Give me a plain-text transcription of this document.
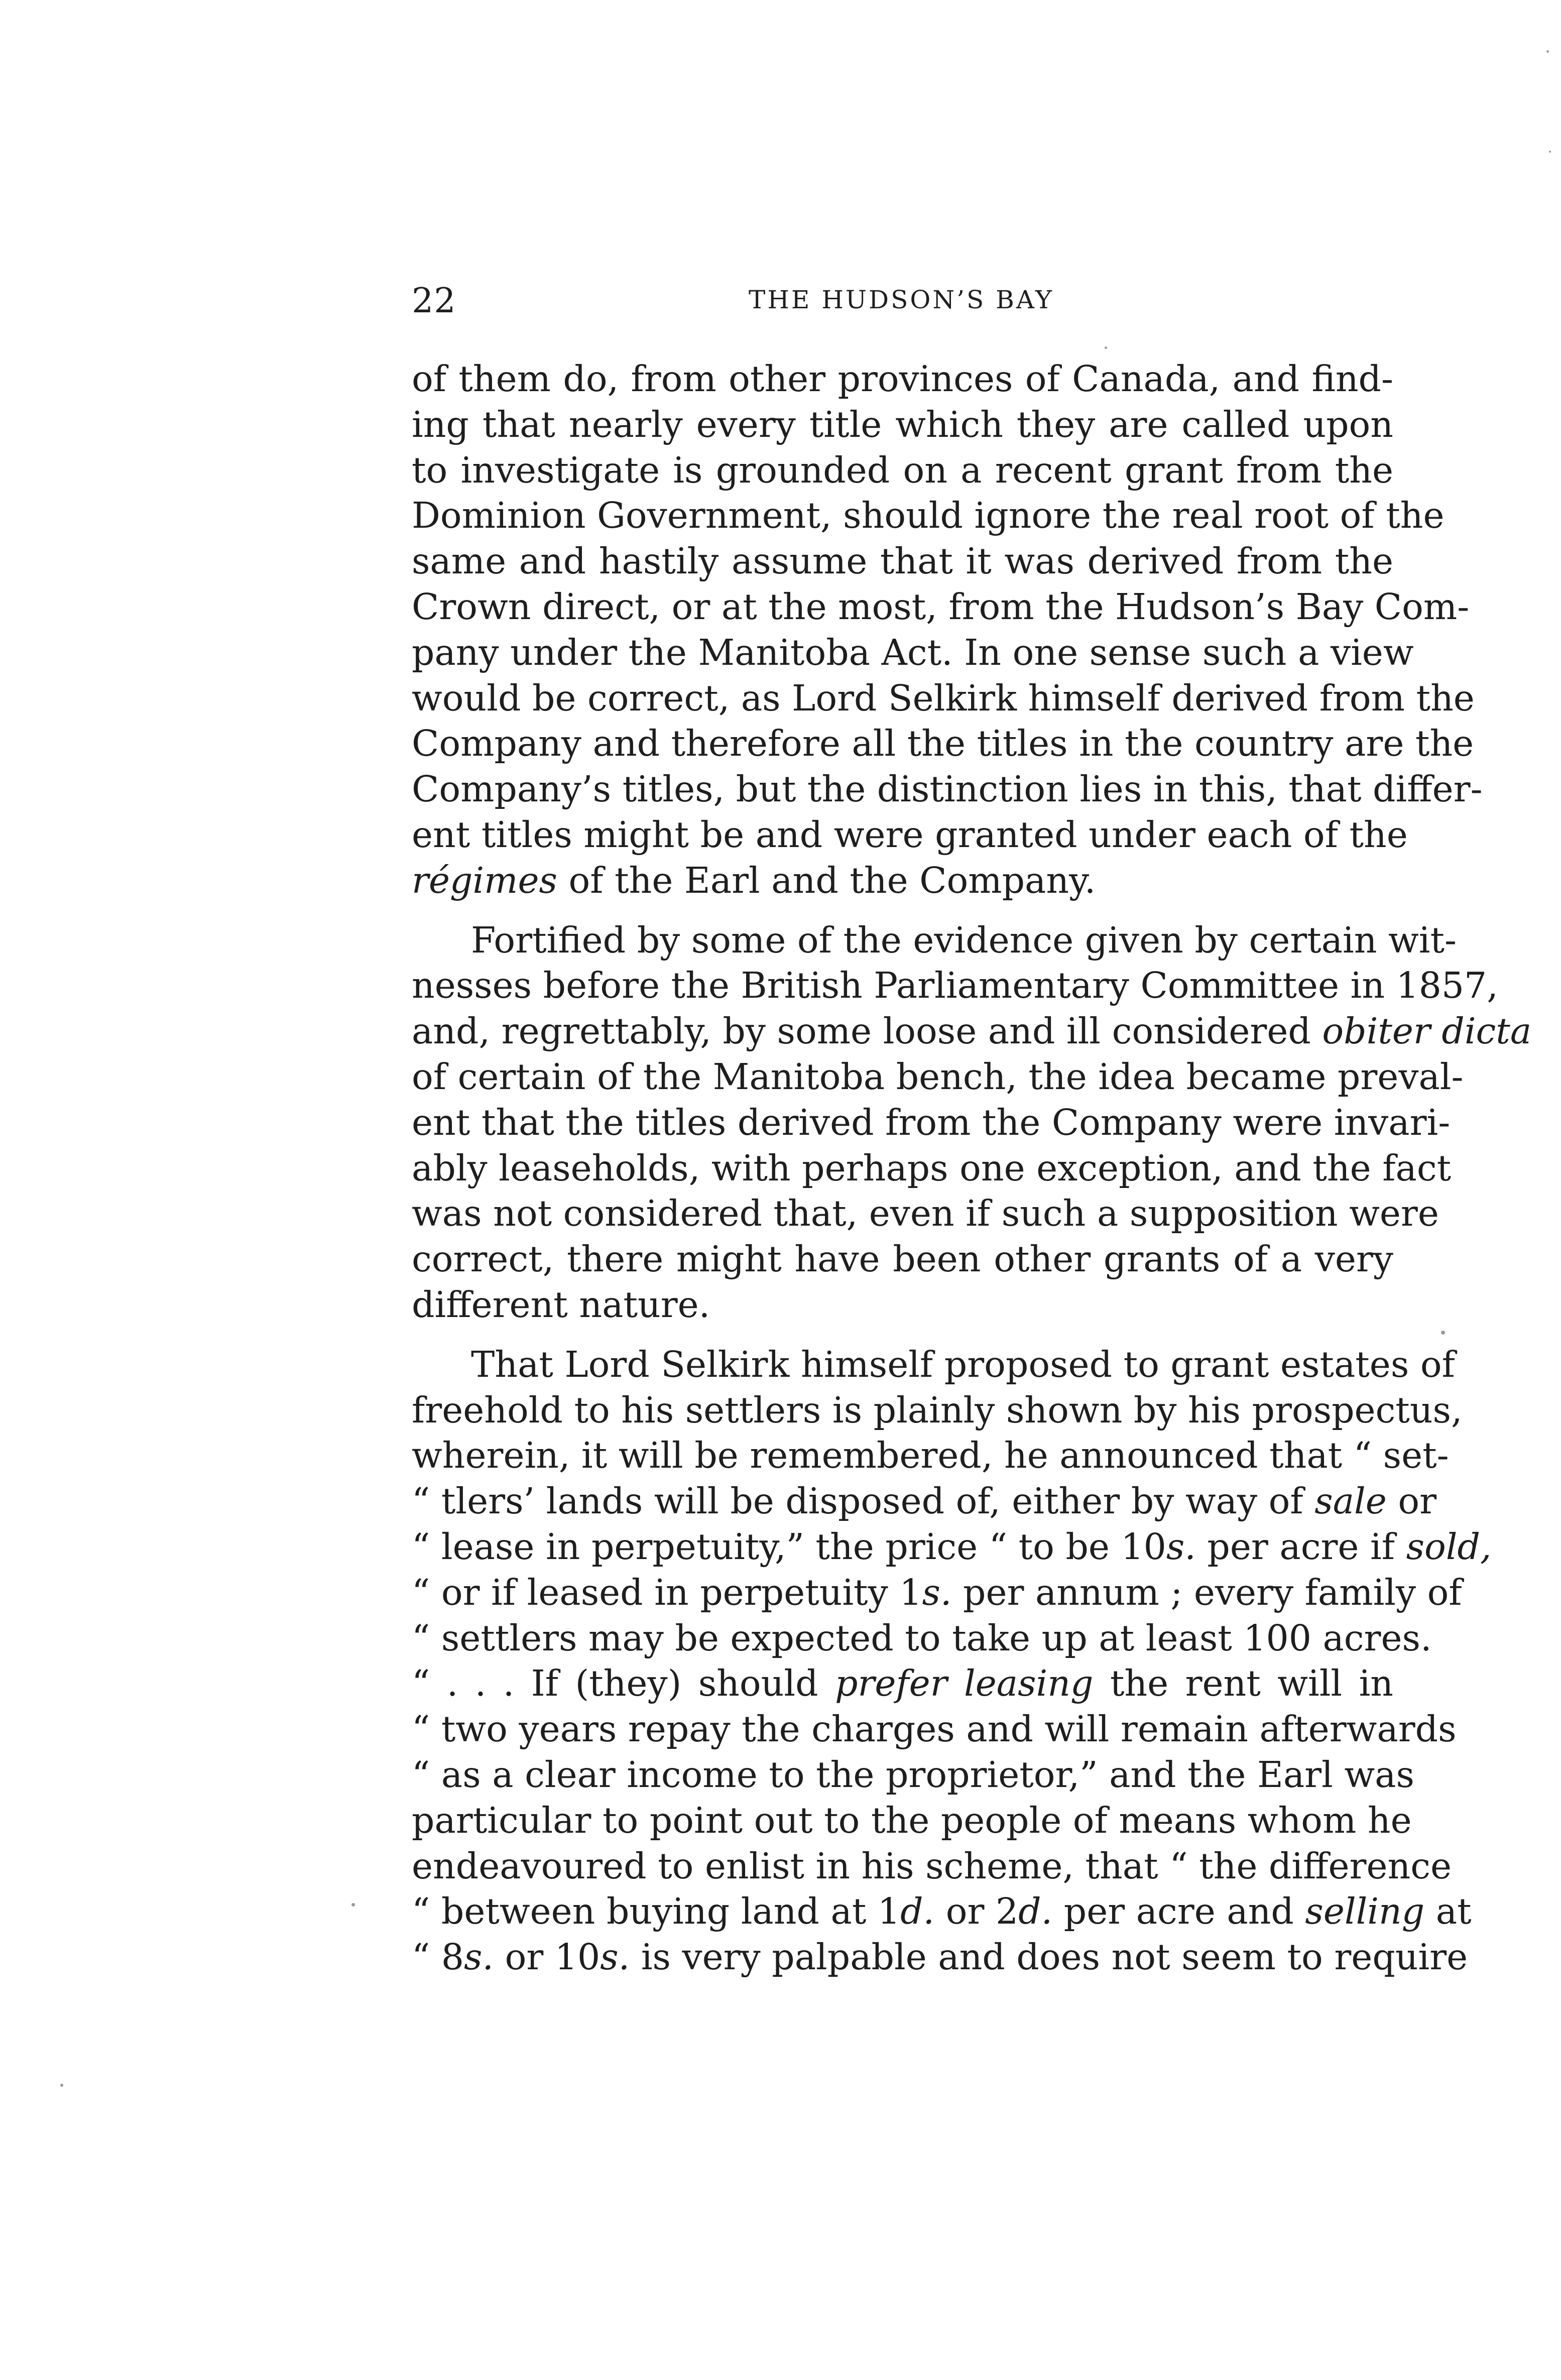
22	THE HUDSON’S BAY
of them do, from other provinces of Canada, and find-
ing that nearly every title which they are called upon
to investigate is grounded on a recent grant from the
Dominion Government, should ignore the real root of the
same and hastily assume that it was derived from the
Crown direct, or at the most, from the Hudson’s Bay Com-
pany under the Manitoba Act. In one sense such a view
would be correct, as Lord Selkirk himself derived from the
Company and therefore all the titles in the country are the
Company’s titles, but the distinction lies in this, that differ-
ent titles might be and were granted under each of the
régimes of the Earl and the Company.
Fortified by some of the evidence given by certain wit-
nesses before the British Parliamentary Committee in 1857,
and, regrettably, by some loose and ill considered obiter dicta
of certain of the Manitoba bench, the idea became preval-
ent that the titles derived from the Company were invari-
ably leaseholds, with perhaps one exception, and the fact
was not considered that, even if such a supposition were
correct, there might have been other grants of a very
different nature.
That Lord Selkirk himself proposed to grant estates of
freehold to his settlers is plainly shown by his prospectus,
wherein, it will be remembered, he announced that “ set-
“ tlers’ lands will be disposed of, either by way of sale or
“ lease in perpetuity,” the price “ to be 10s. per acre if sold,
“ or if leased in perpetuity 1s. per annum ; every family of
“ settlers may be expected to take up at least 100 acres.
“ . . . If (they) should prefer leasing the rent will in
“ two years repay the charges and will remain afterwards
“ as a clear income to the proprietor,” and the Earl was
particular to point out to the people of means whom he
endeavoured to enlist in his scheme, that “ the difference
“ between buying land at 1d. or 2d. per acre and selling at
“ 8s. or 10s. is very palpable and does not seem to require
